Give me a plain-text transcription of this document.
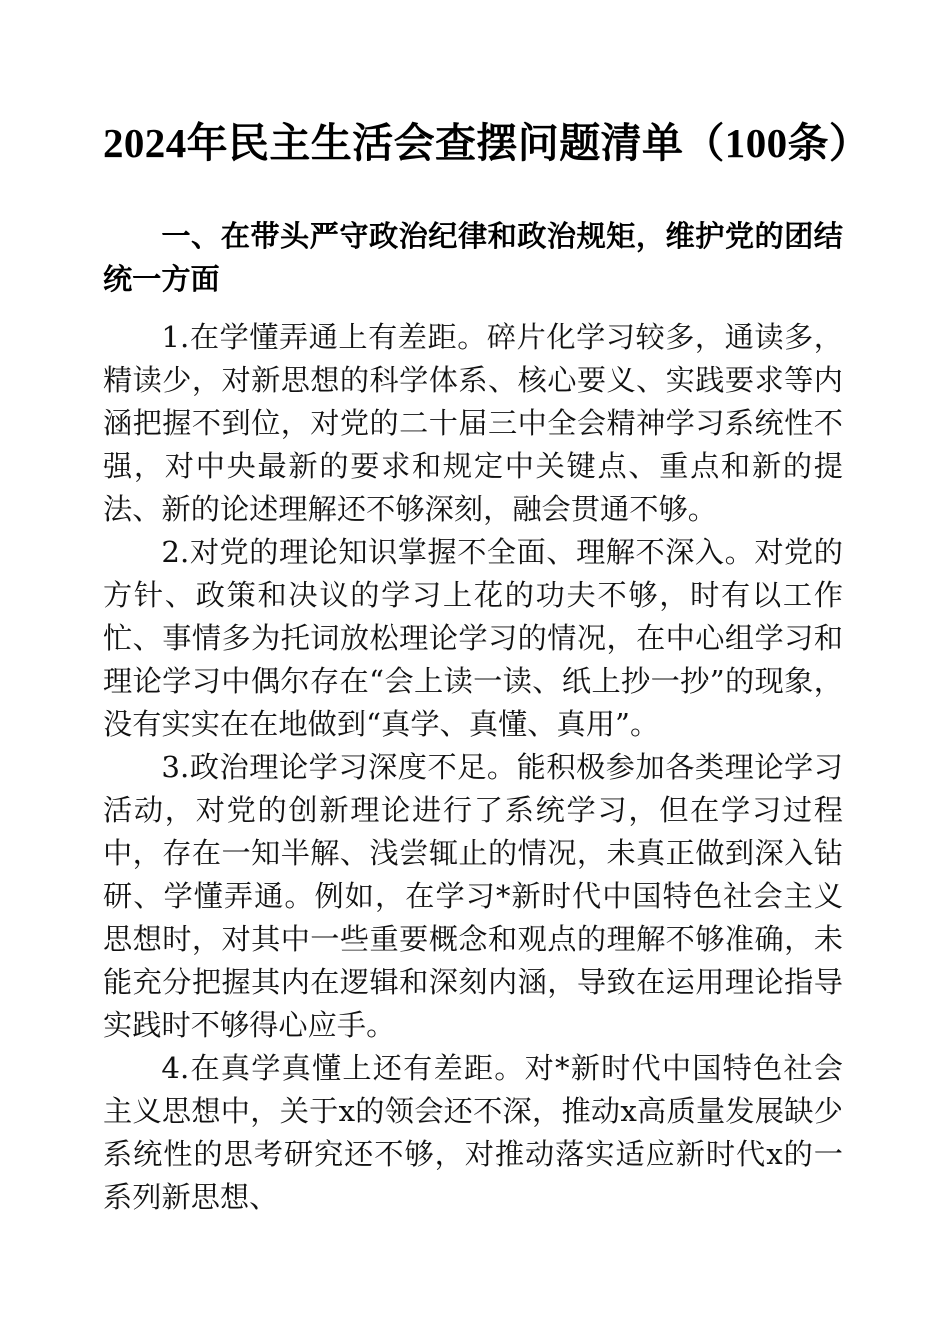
2024年民主生活会查摆问题清单（100条）
一、在带头严守政治纪律和政治规矩，维护党的团结统一方面

1.在学懂弄通上有差距。碎片化学习较多，通读多，精读少，对新思想的科学体系、核心要义、实践要求等内涵把握不到位，对党的二十届三中全会精神学习系统性不强，对中央最新的要求和规定中关键点、重点和新的提法、新的论述理解还不够深刻，融会贯通不够。

2.对党的理论知识掌握不全面、理解不深入。对党的方针、政策和决议的学习上花的功夫不够，时有以工作忙、事情多为托词放松理论学习的情况，在中心组学习和理论学习中偶尔存在“会上读一读、纸上抄一抄”的现象，没有实实在在地做到“真学、真懂、真用”。

3.政治理论学习深度不足。能积极参加各类理论学习活动，对党的创新理论进行了系统学习，但在学习过程中，存在一知半解、浅尝辄止的情况，未真正做到深入钻研、学懂弄通。例如，在学习*新时代中国特色社会主义思想时，对其中一些重要概念和观点的理解不够准确，未能充分把握其内在逻辑和深刻内涵，导致在运用理论指导实践时不够得心应手。

4.在真学真懂上还有差距。对*新时代中国特色社会主义思想中，关于x的领会还不深，推动x高质量发展缺少系统性的思考研究还不够，对推动落实适应新时代x的一系列新思想、
